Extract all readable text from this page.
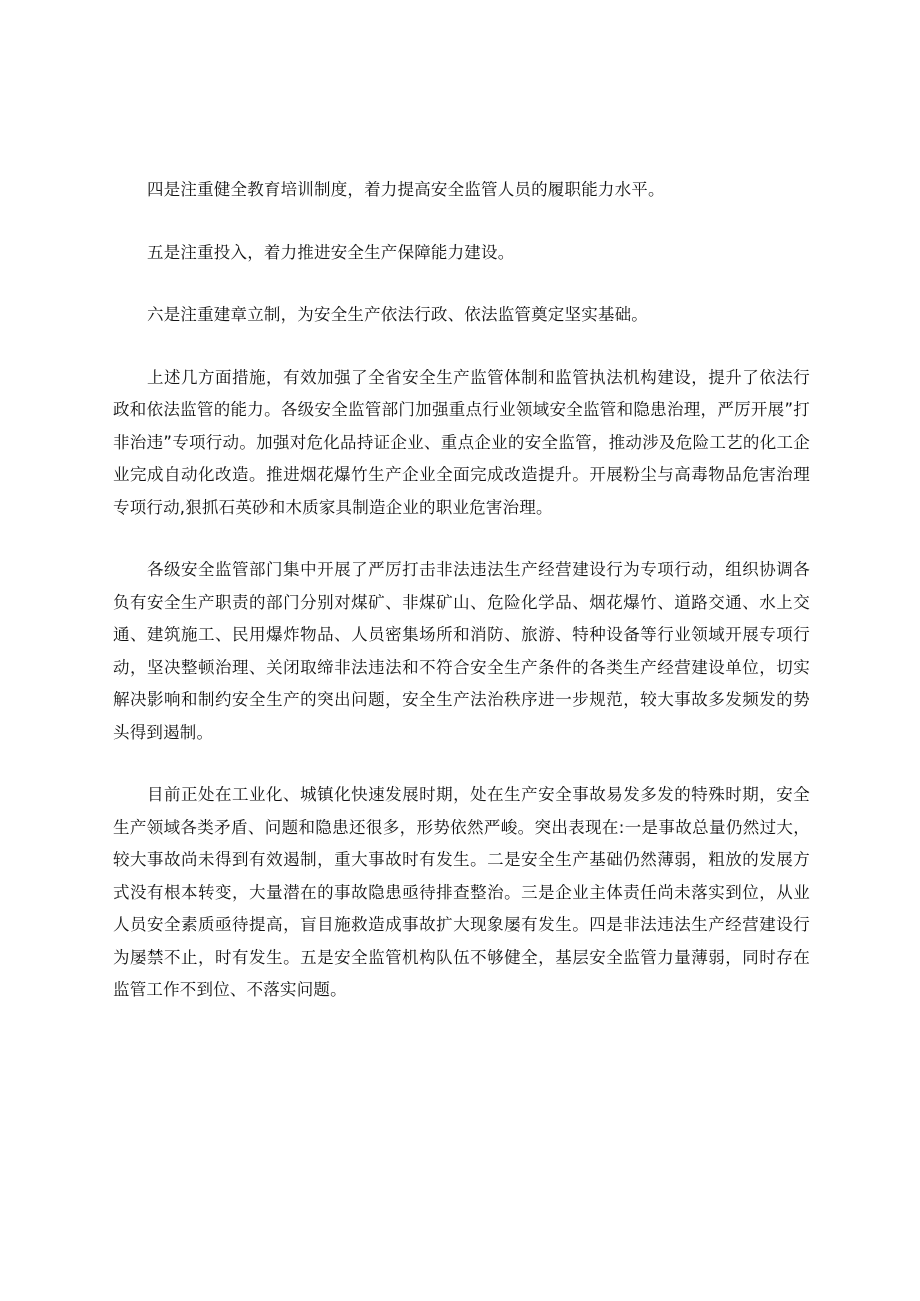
四是注重健全教育培训制度，着力提高安全监管人员的履职能力水平。

五是注重投入，着力推进安全生产保障能力建设。

六是注重建章立制，为安全生产依法行政、依法监管奠定坚实基础。

上述几方面措施，有效加强了全省安全生产监管体制和监管执法机构建设，提升了依法行政和依法监管的能力。各级安全监管部门加强重点行业领域安全监管和隐患治理，严厉开展”打非治违”专项行动。加强对危化品持证企业、重点企业的安全监管，推动涉及危险工艺的化工企业完成自动化改造。推进烟花爆竹生产企业全面完成改造提升。开展粉尘与高毒物品危害治理专项行动,狠抓石英砂和木质家具制造企业的职业危害治理。

各级安全监管部门集中开展了严厉打击非法违法生产经营建设行为专项行动，组织协调各负有安全生产职责的部门分别对煤矿、非煤矿山、危险化学品、烟花爆竹、道路交通、水上交通、建筑施工、民用爆炸物品、人员密集场所和消防、旅游、特种设备等行业领域开展专项行动，坚决整顿治理、关闭取缔非法违法和不符合安全生产条件的各类生产经营建设单位，切实解决影响和制约安全生产的突出问题，安全生产法治秩序进一步规范，较大事故多发频发的势头得到遏制。

目前正处在工业化、城镇化快速发展时期，处在生产安全事故易发多发的特殊时期，安全生产领域各类矛盾、问题和隐患还很多，形势依然严峻。突出表现在:一是事故总量仍然过大，较大事故尚未得到有效遏制，重大事故时有发生。二是安全生产基础仍然薄弱，粗放的发展方式没有根本转变，大量潜在的事故隐患亟待排查整治。三是企业主体责任尚未落实到位，从业人员安全素质亟待提高，盲目施救造成事故扩大现象屡有发生。四是非法违法生产经营建设行为屡禁不止，时有发生。五是安全监管机构队伍不够健全，基层安全监管力量薄弱，同时存在监管工作不到位、不落实问题。
